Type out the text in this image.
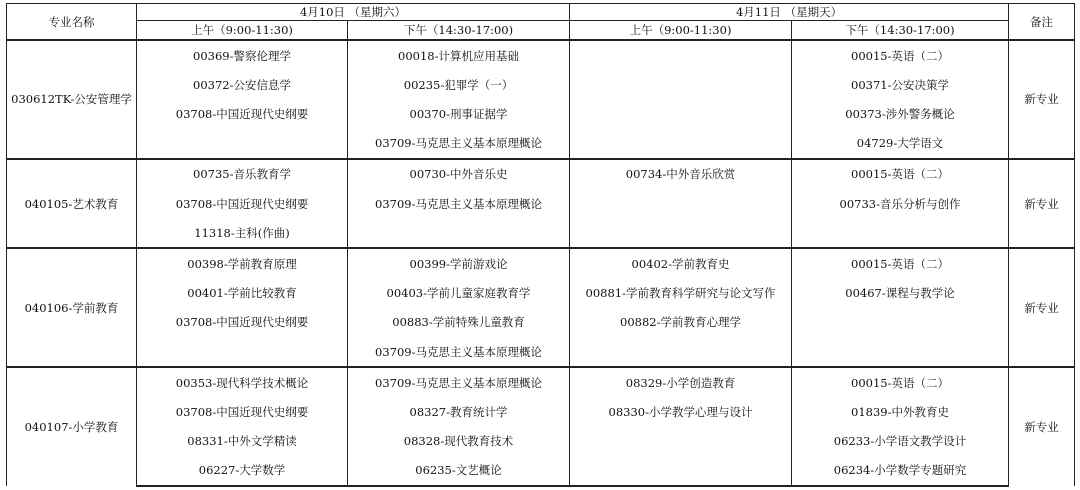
专业名称	4月10日 （星期六）		4月11日 （星期天）		备注
	上午（9:00-11:30)	下午（14:30-17:00)	上午（9:00-11:30)	下午（14:30-17:00)	
030612TK-公安管理学	00369-警察伦理学	00018-计算机应用基础		00015-英语（二）	新专业
	00372-公安信息学	00235-犯罪学（一）		00371-公安决策学	
	03708-中国近现代史纲要	00370-刑事证据学		00373-涉外警务概论	
		03709-马克思主义基本原理概论		04729-大学语文	
040105-艺术教育	00735-音乐教育学	00730-中外音乐史	00734-中外音乐欣赏	00015-英语（二）	新专业
	03708-中国近现代史纲要	03709-马克思主义基本原理概论		00733-音乐分析与创作	
	11318-主科(作曲)				
040106-学前教育	00398-学前教育原理	00399-学前游戏论	00402-学前教育史	00015-英语（二）	新专业
	00401-学前比较教育	00403-学前儿童家庭教育学	00881-学前教育科学研究与论文写作	00467-课程与教学论	
	03708-中国近现代史纲要	00883-学前特殊儿童教育	00882-学前教育心理学		
		03709-马克思主义基本原理概论			
040107-小学教育	00353-现代科学技术概论	03709-马克思主义基本原理概论	08329-小学创造教育	00015-英语（二）	新专业
	03708-中国近现代史纲要	08327-教育统计学	08330-小学教学心理与设计	01839-中外教育史	
	08331-中外文学精读	08328-现代教育技术		06233-小学语文教学设计	
	06227-大学数学	06235-文艺概论		06234-小学数学专题研究	
